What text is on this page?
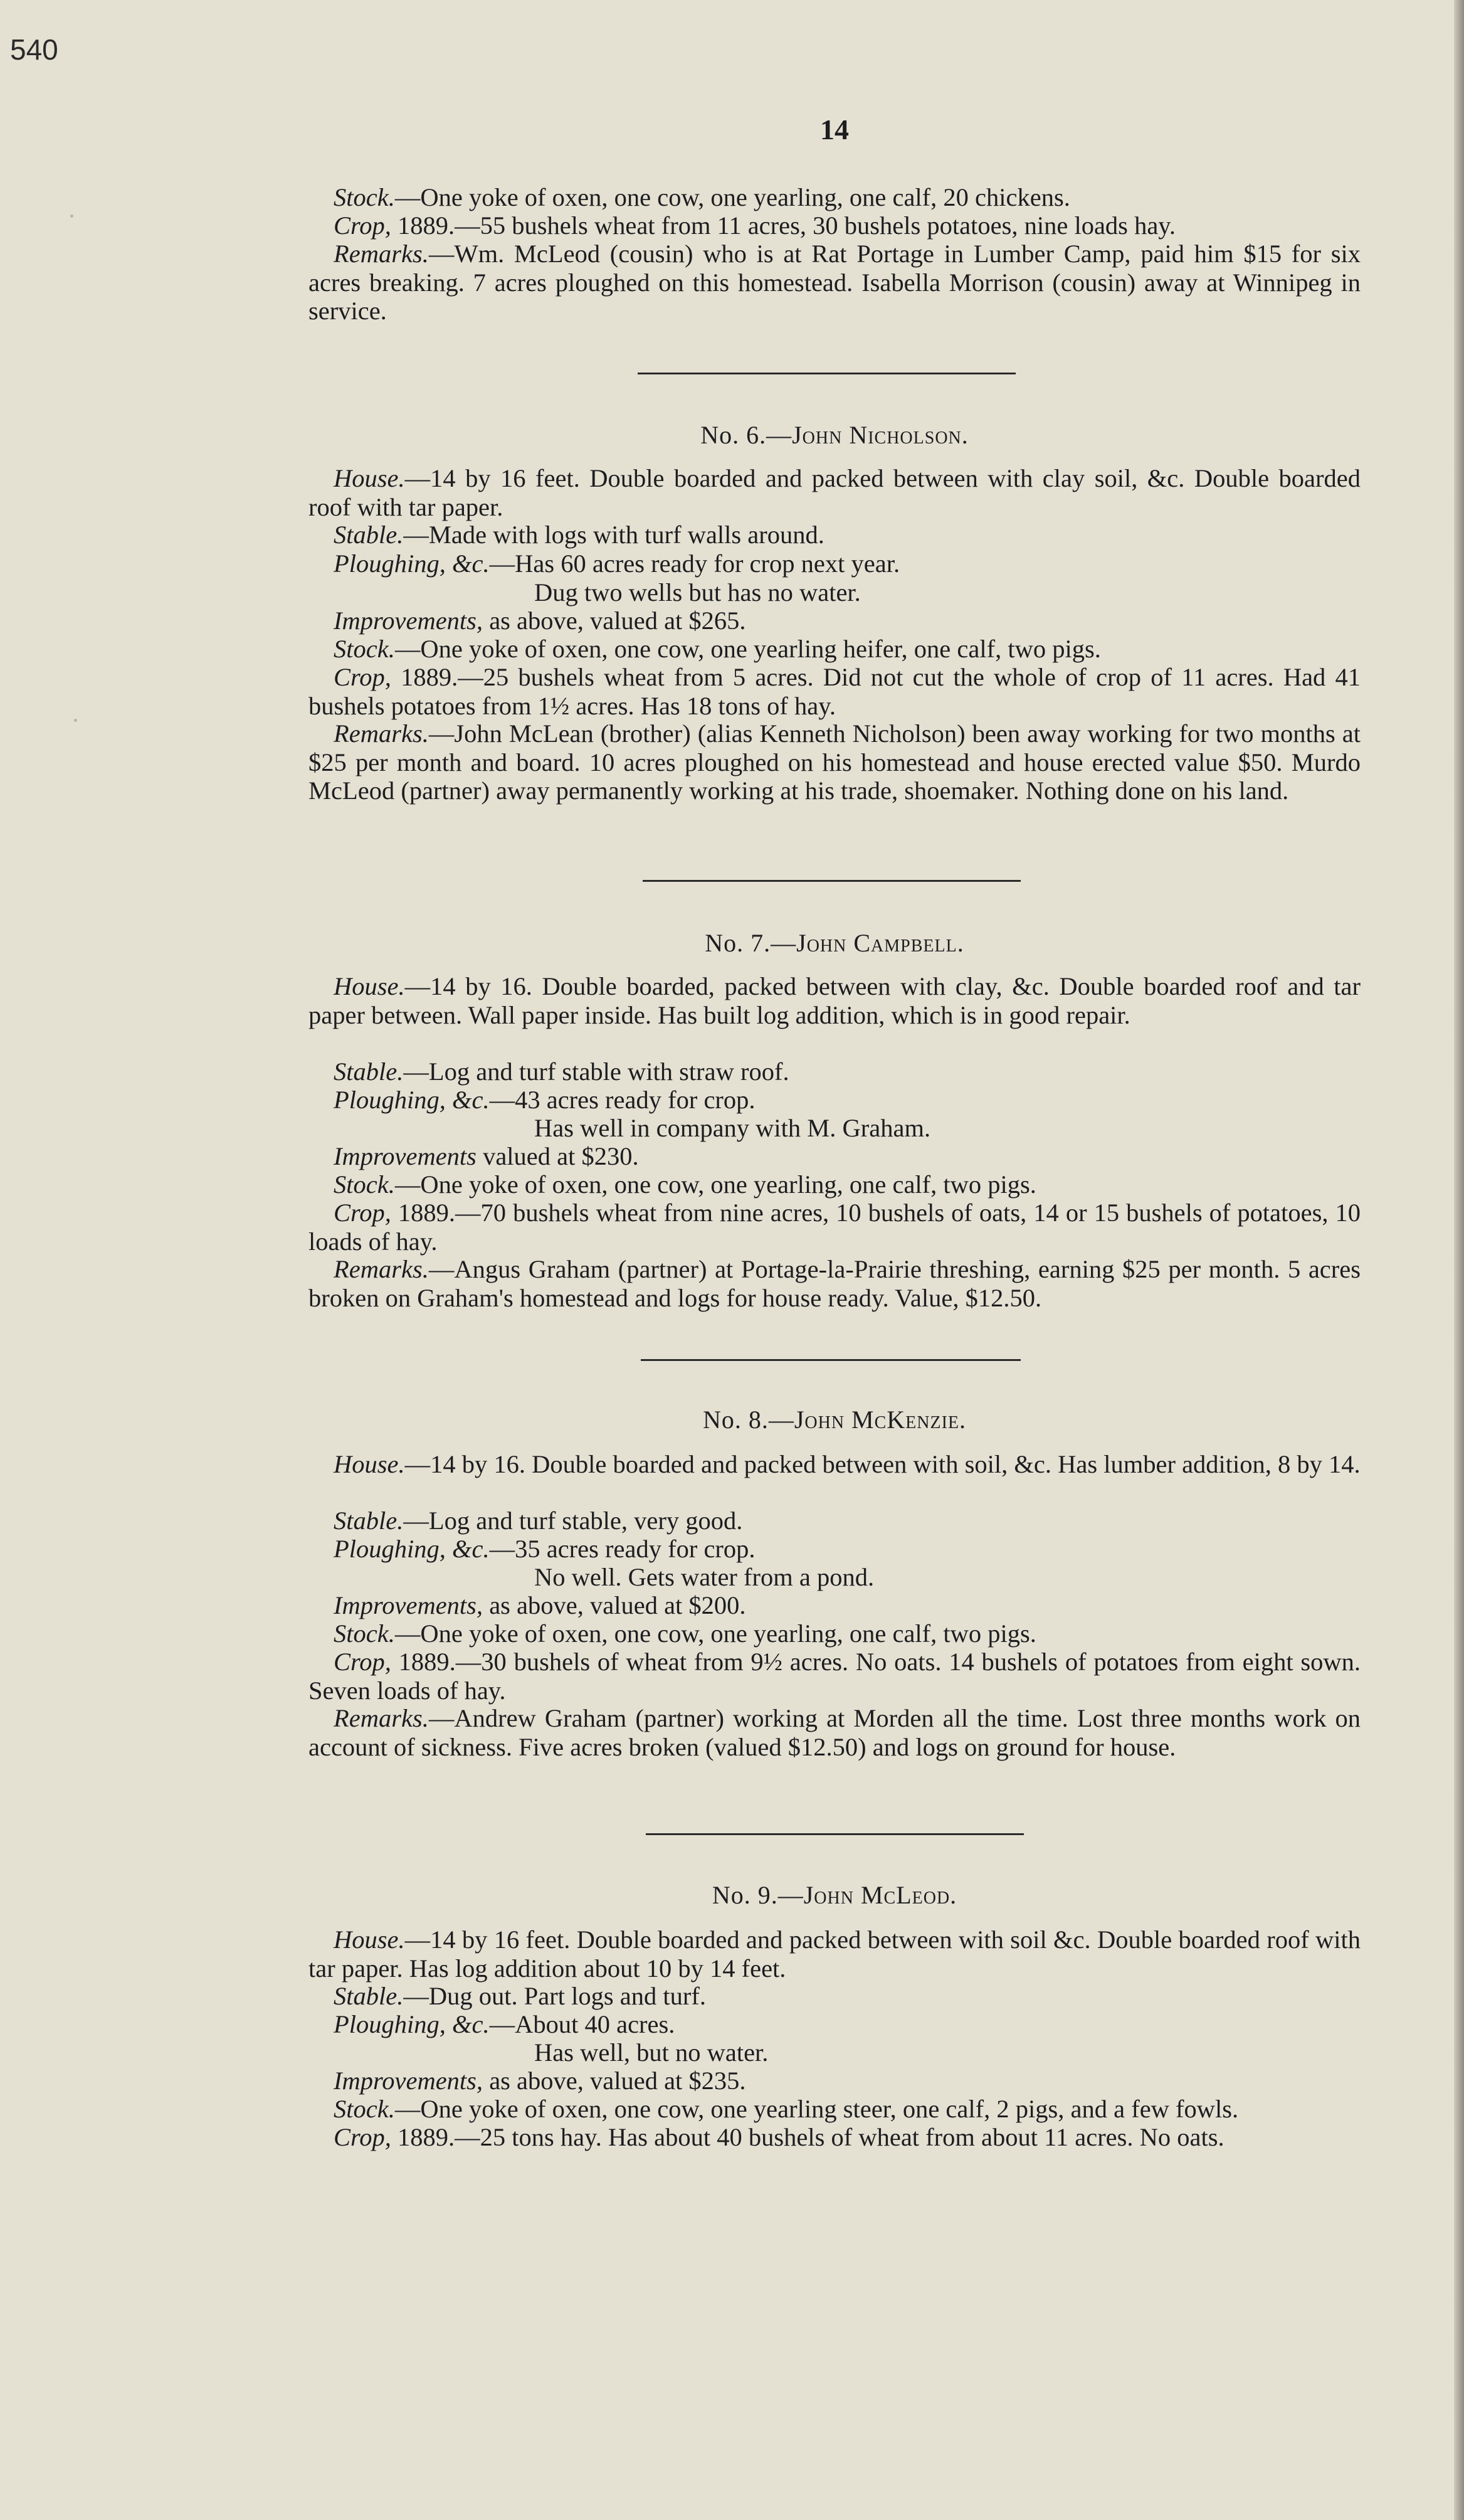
540
14

Stock.—One yoke of oxen, one cow, one yearling, one calf, 20 chickens.

Crop, 1889.—55 bushels wheat from 11 acres, 30 bushels potatoes, nine loads hay.

Remarks.—Wm. McLeod (cousin) who is at Rat Portage in Lumber Camp, paid him $15 for six acres breaking. 7 acres ploughed on this homestead. Isabella Morrison (cousin) away at Winnipeg in service.

No. 6.—John Nicholson.

House.—14 by 16 feet. Double boarded and packed between with clay soil, &c. Double boarded roof with tar paper.

Stable.—Made with logs with turf walls around.

Ploughing, &c.—Has 60 acres ready for crop next year.

Dug two wells but has no water.

Improvements, as above, valued at $265.

Stock.—One yoke of oxen, one cow, one yearling heifer, one calf, two pigs.

Crop, 1889.—25 bushels wheat from 5 acres. Did not cut the whole of crop of 11 acres. Had 41 bushels potatoes from 1½ acres. Has 18 tons of hay.

Remarks.—John McLean (brother) (alias Kenneth Nicholson) been away working for two months at $25 per month and board. 10 acres ploughed on his homestead and house erected value $50. Murdo McLeod (partner) away permanently working at his trade, shoemaker. Nothing done on his land.

No. 7.—John Campbell.

House.—14 by 16. Double boarded, packed between with clay, &c. Double boarded roof and tar paper between. Wall paper inside. Has built log addition, which is in good repair.

Stable.—Log and turf stable with straw roof.

Ploughing, &c.—43 acres ready for crop.

Has well in company with M. Graham.

Improvements valued at $230.

Stock.—One yoke of oxen, one cow, one yearling, one calf, two pigs.

Crop, 1889.—70 bushels wheat from nine acres, 10 bushels of oats, 14 or 15 bushels of potatoes, 10 loads of hay.

Remarks.—Angus Graham (partner) at Portage-la-Prairie threshing, earning $25 per month. 5 acres broken on Graham's homestead and logs for house ready. Value, $12.50.

No. 8.—John McKenzie.

House.—14 by 16. Double boarded and packed between with soil, &c. Has lumber addition, 8 by 14.

Stable.—Log and turf stable, very good.

Ploughing, &c.—35 acres ready for crop.

No well. Gets water from a pond.

Improvements, as above, valued at $200.

Stock.—One yoke of oxen, one cow, one yearling, one calf, two pigs.

Crop, 1889.—30 bushels of wheat from 9½ acres. No oats. 14 bushels of potatoes from eight sown. Seven loads of hay.

Remarks.—Andrew Graham (partner) working at Morden all the time. Lost three months work on account of sickness. Five acres broken (valued $12.50) and logs on ground for house.

No. 9.—John McLeod.

House.—14 by 16 feet. Double boarded and packed between with soil &c. Double boarded roof with tar paper. Has log addition about 10 by 14 feet.

Stable.—Dug out. Part logs and turf.

Ploughing, &c.—About 40 acres.

Has well, but no water.

Improvements, as above, valued at $235.

Stock.—One yoke of oxen, one cow, one yearling steer, one calf, 2 pigs, and a few fowls.

Crop, 1889.—25 tons hay. Has about 40 bushels of wheat from about 11 acres. No oats.
